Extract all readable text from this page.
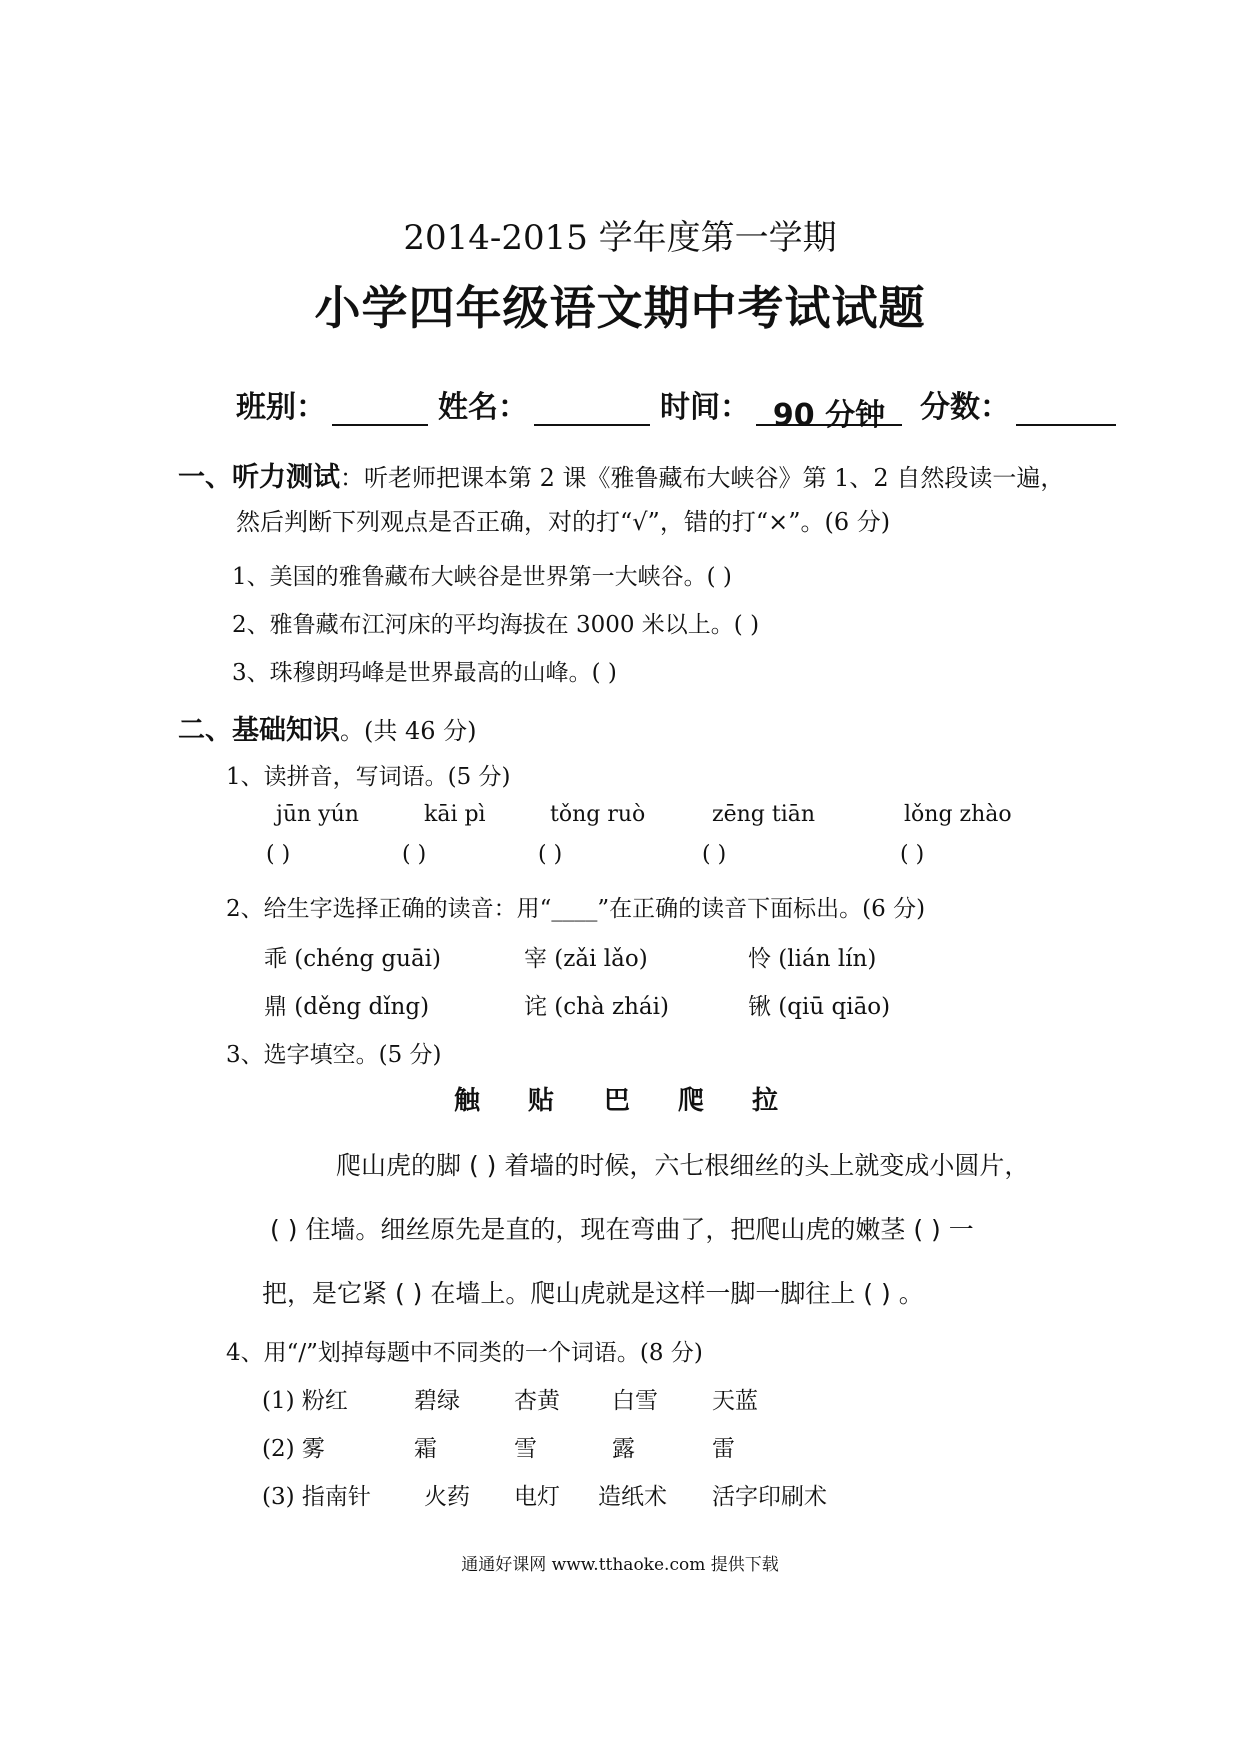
2014-2015 学年度第一学期
小学四年级语文期中考试试题
班别：	姓名：	时间： 90 分钟	分数：
一、听力测试：听老师把课本第 2 课《雅鲁藏布大峡谷》第 1、2 自然段读一遍，
然后判断下列观点是否正确，对的打“√”，错的打“×”。(6 分)
1、美国的雅鲁藏布大峡谷是世界第一大峡谷。( )
2、雅鲁藏布江河床的平均海拔在 3000 米以上。( )
3、珠穆朗玛峰是世界最高的山峰。( )
二、基础知识。(共 46 分)
1、读拼音，写词语。(5 分)
jūn yún	kāi pì	tǒng ruò	zēng tiān	lǒng zhào
( )	( )	( )	( )	( )
2、给生字选择正确的读音：用“____”在正确的读音下面标出。(6 分)
乖 (chéng guāi)	宰 (zǎi lǎo)	怜 (lián lín)
鼎 (děng dǐng)	诧 (chà zhái)	锹 (qiū qiāo)
3、选字填空。(5 分)
触 贴 巴 爬 拉
爬山虎的脚 ( ) 着墙的时候，六七根细丝的头上就变成小圆片，
( ) 住墙。细丝原先是直的，现在弯曲了，把爬山虎的嫩茎 ( ) 一
把，是它紧 ( ) 在墙上。爬山虎就是这样一脚一脚往上 ( ) 。
4、用“/”划掉每题中不同类的一个词语。(8 分)
(1) 粉红	碧绿 杏黄 白雪 天蓝
(2) 雾	霜	雪	露	雷
(3) 指南针 火药 电灯 造纸术 活字印刷术
通通好课网 www.tthaoke.com 提供下载
